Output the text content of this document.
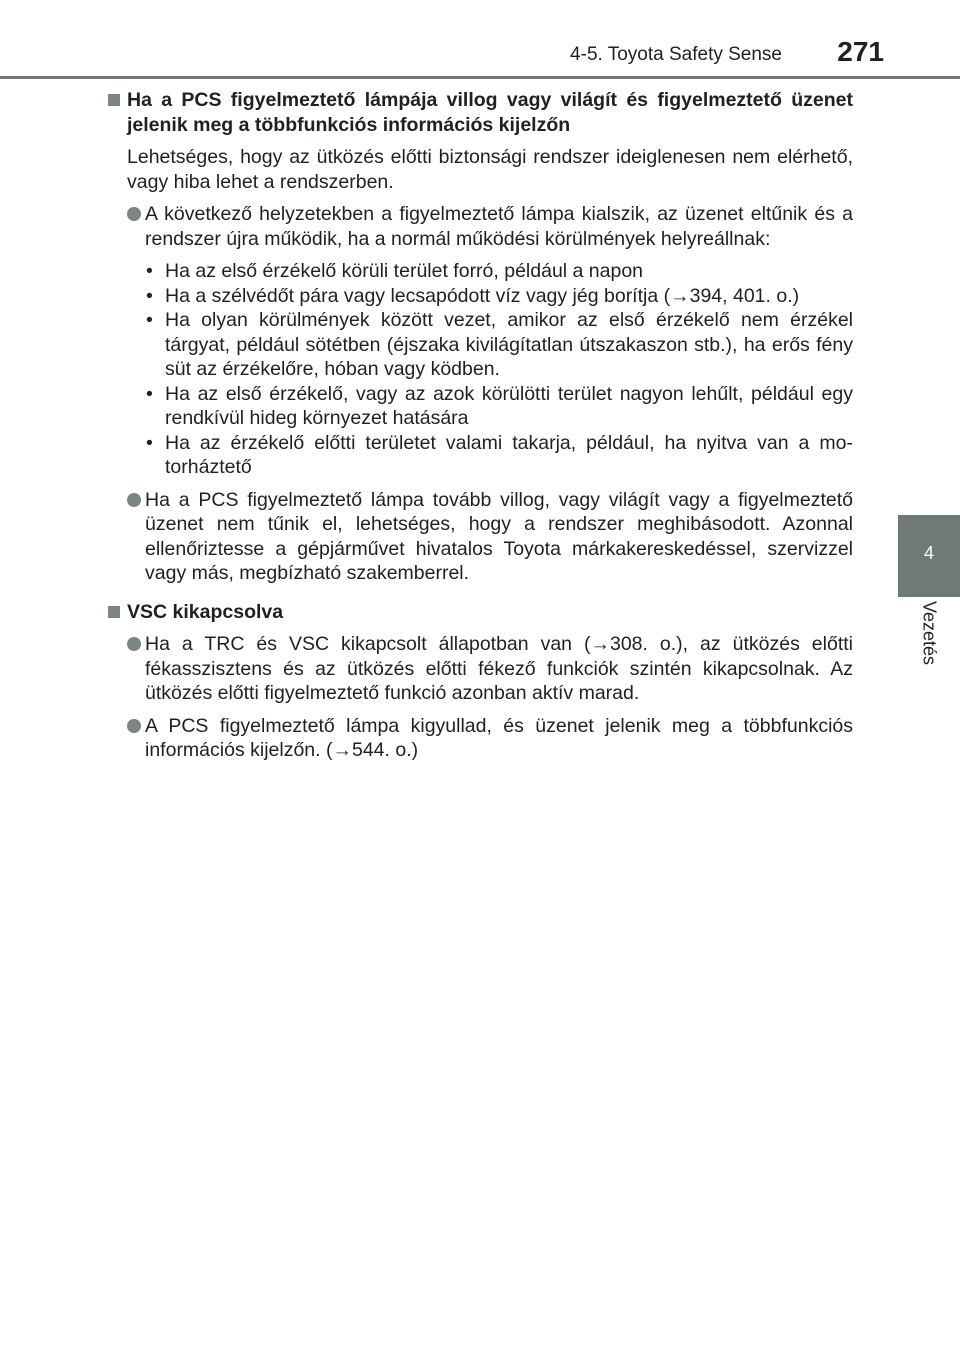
4-5. Toyota Safety Sense 271
4
Vezetés
Ha a PCS figyelmeztető lámpája villog vagy világít és figyelmeztető üzenet jelenik meg a többfunkciós információs kijelzőn
Lehetséges, hogy az ütközés előtti biztonsági rendszer ideiglenesen nem elérhető, vagy hiba lehet a rendszerben.
A következő helyzetekben a figyelmeztető lámpa kialszik, az üzenet eltűnik és a rendszer újra működik, ha a normál működési körülmények helyreállnak:
• Ha az első érzékelő körüli terület forró, például a napon
• Ha a szélvédőt pára vagy lecsapódott víz vagy jég borítja (→394, 401. o.)
• Ha olyan körülmények között vezet, amikor az első érzékelő nem érzékel tárgyat, például sötétben (éjszaka kivilágítatlan útszakaszon stb.), ha erős fény süt az érzékelőre, hóban vagy ködben.
• Ha az első érzékelő, vagy az azok körülötti terület nagyon lehűlt, például egy rendkívül hideg környezet hatására
• Ha az érzékelő előtti területet valami takarja, például, ha nyitva van a motorháztető
Ha a PCS figyelmeztető lámpa tovább villog, vagy világít vagy a figyelmeztető üzenet nem tűnik el, lehetséges, hogy a rendszer meghibásodott. Azonnal ellenőriztesse a gépjárművet hivatalos Toyota márkakereskedéssel, szervizzel vagy más, megbízható szakemberrel.
VSC kikapcsolva
Ha a TRC és VSC kikapcsolt állapotban van (→308. o.), az ütközés előtti fékasszisztens és az ütközés előtti fékező funkciók szintén kikapcsolnak. Az ütközés előtti figyelmeztető funkció azonban aktív marad.
A PCS figyelmeztető lámpa kigyullad, és üzenet jelenik meg a többfunkciós információs kijelzőn. (→544. o.)
